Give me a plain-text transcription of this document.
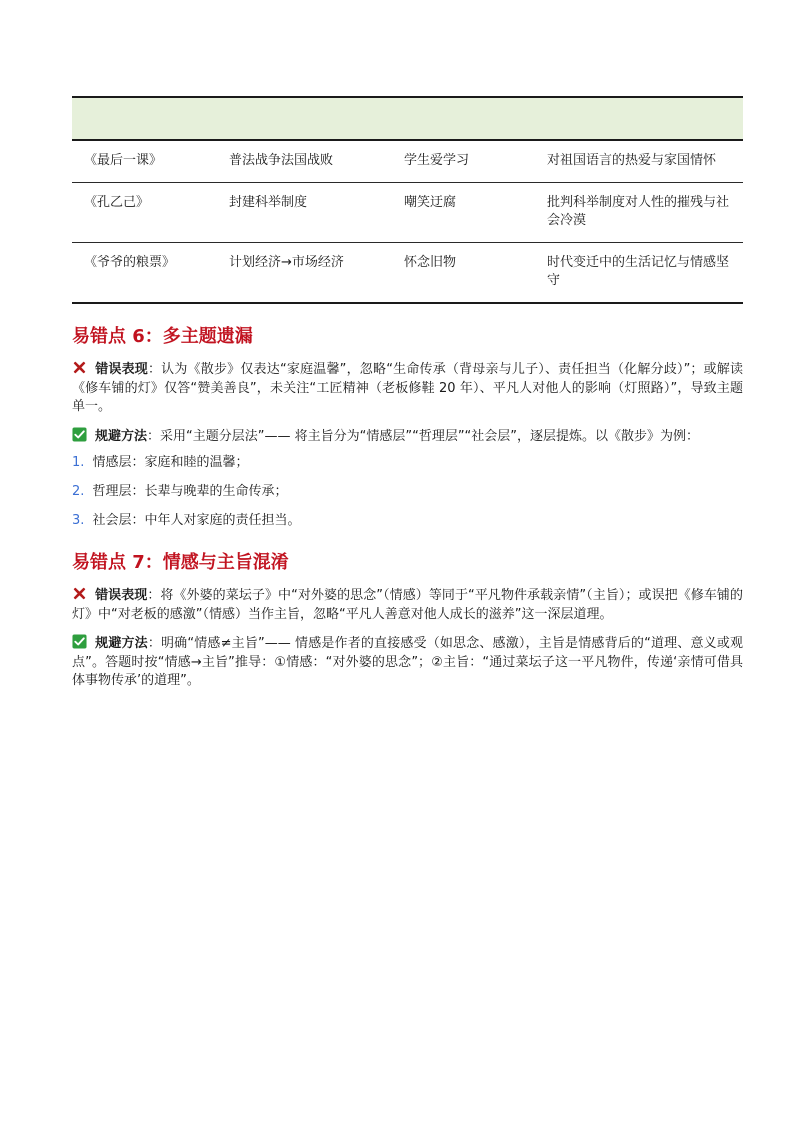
《最后一课》	普法战争法国战败	学生爱学习	对祖国语言的热爱与家国情怀
《孔乙己》	封建科举制度	嘲笑迂腐	批判科举制度对人性的摧残与社会冷漠
《爷爷的粮票》	计划经济→市场经济	怀念旧物	时代变迁中的生活记忆与情感坚守
易错点 6：多主题遗漏

错误表现：认为《散步》仅表达“家庭温馨”，忽略“生命传承（背母亲与儿子）、责任担当（化解分歧）”；或解读《修车铺的灯》仅答“赞美善良”，未关注“工匠精神（老板修鞋 20 年）、平凡人对他人的影响（灯照路）”，导致主题单一。

规避方法：采用“主题分层法”—— 将主旨分为“情感层”“哲理层”“社会层”，逐层提炼。以《散步》为例：

1. 情感层：家庭和睦的温馨；
2. 哲理层：长辈与晚辈的生命传承；
3. 社会层：中年人对家庭的责任担当。
易错点 7：情感与主旨混淆

错误表现：将《外婆的菜坛子》中“对外婆的思念”（情感）等同于“平凡物件承载亲情”（主旨）；或误把《修车铺的灯》中“对老板的感激”（情感）当作主旨，忽略“平凡人善意对他人成长的滋养”这一深层道理。

规避方法：明确“情感≠主旨”—— 情感是作者的直接感受（如思念、感激），主旨是情感背后的“道理、意义或观点”。答题时按“情感→主旨”推导：①情感：“对外婆的思念”；②主旨：“通过菜坛子这一平凡物件，传递‘亲情可借具体事物传承’的道理”。
